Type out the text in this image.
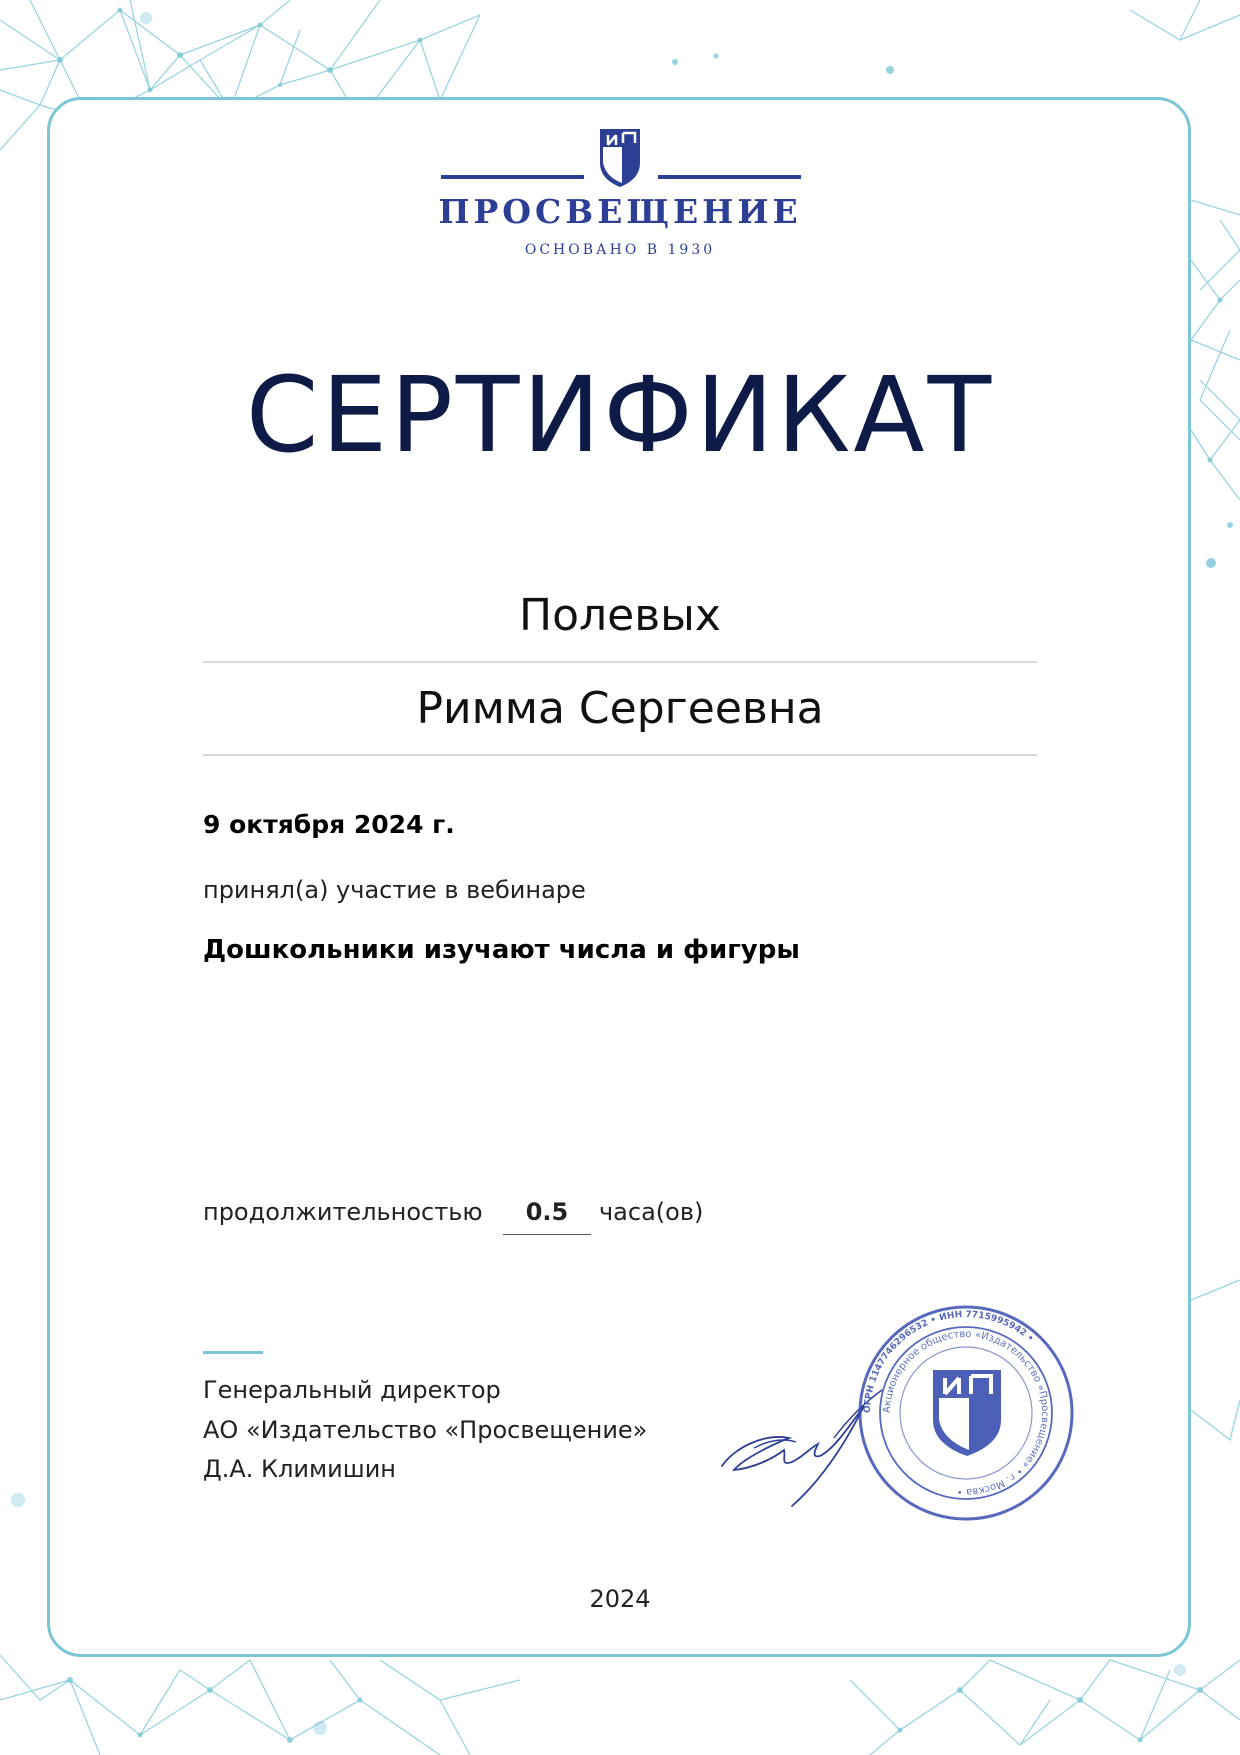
ПРОСВЕЩЕНИЕ
ОСНОВАНО В 1930
СЕРТИФИКАТ
Полевых
Римма Сергеевна
9 октября 2024 г.
принял(а) участие в вебинаре
Дошкольники изучают числа и фигуры
продолжительностью	0.5	часа(ов)
Генеральный директор
АО «Издательство «Просвещение»
Д.А. Климишин
ОГРН 1147746296532 • ИНН 7715995942 •
Акционерное общество «Издательство «Просвещение» • г. Москва •
2024
